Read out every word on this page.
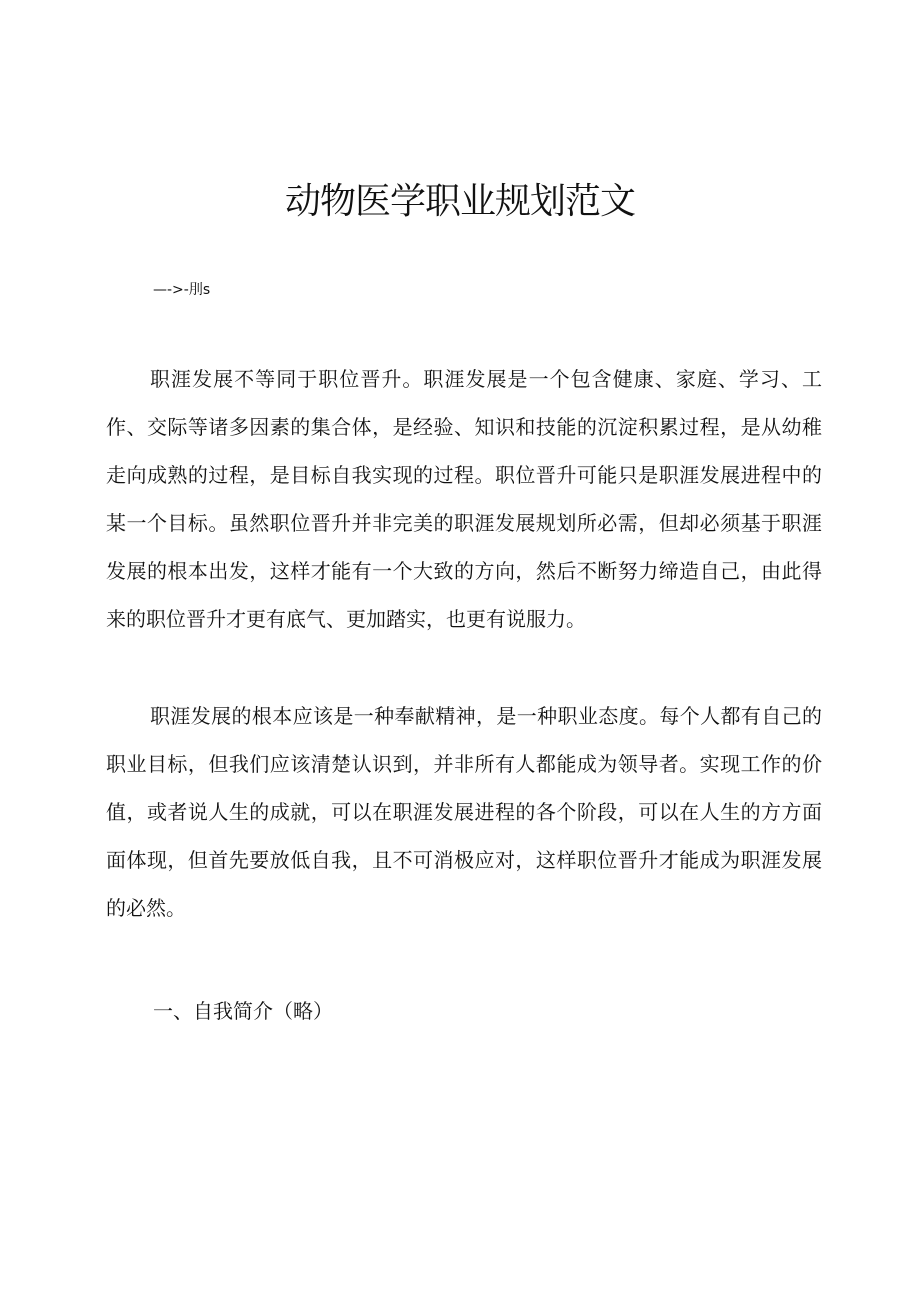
动物医学职业规划范文
—->-刖s

职涯发展不等同于职位晋升。职涯发展是一个包含健康、家庭、学习、工作、交际等诸多因素的集合体，是经验、知识和技能的沉淀积累过程，是从幼稚走向成熟的过程，是目标自我实现的过程。职位晋升可能只是职涯发展进程中的某一个目标。虽然职位晋升并非完美的职涯发展规划所必需，但却必须基于职涯发展的根本出发，这样才能有一个大致的方向，然后不断努力缔造自己，由此得来的职位晋升才更有底气、更加踏实，也更有说服力。

职涯发展的根本应该是一种奉献精神，是一种职业态度。每个人都有自己的职业目标，但我们应该清楚认识到，并非所有人都能成为领导者。实现工作的价值，或者说人生的成就，可以在职涯发展进程的各个阶段，可以在人生的方方面面体现，但首先要放低自我，且不可消极应对，这样职位晋升才能成为职涯发展的必然。

一、自我简介（略）
